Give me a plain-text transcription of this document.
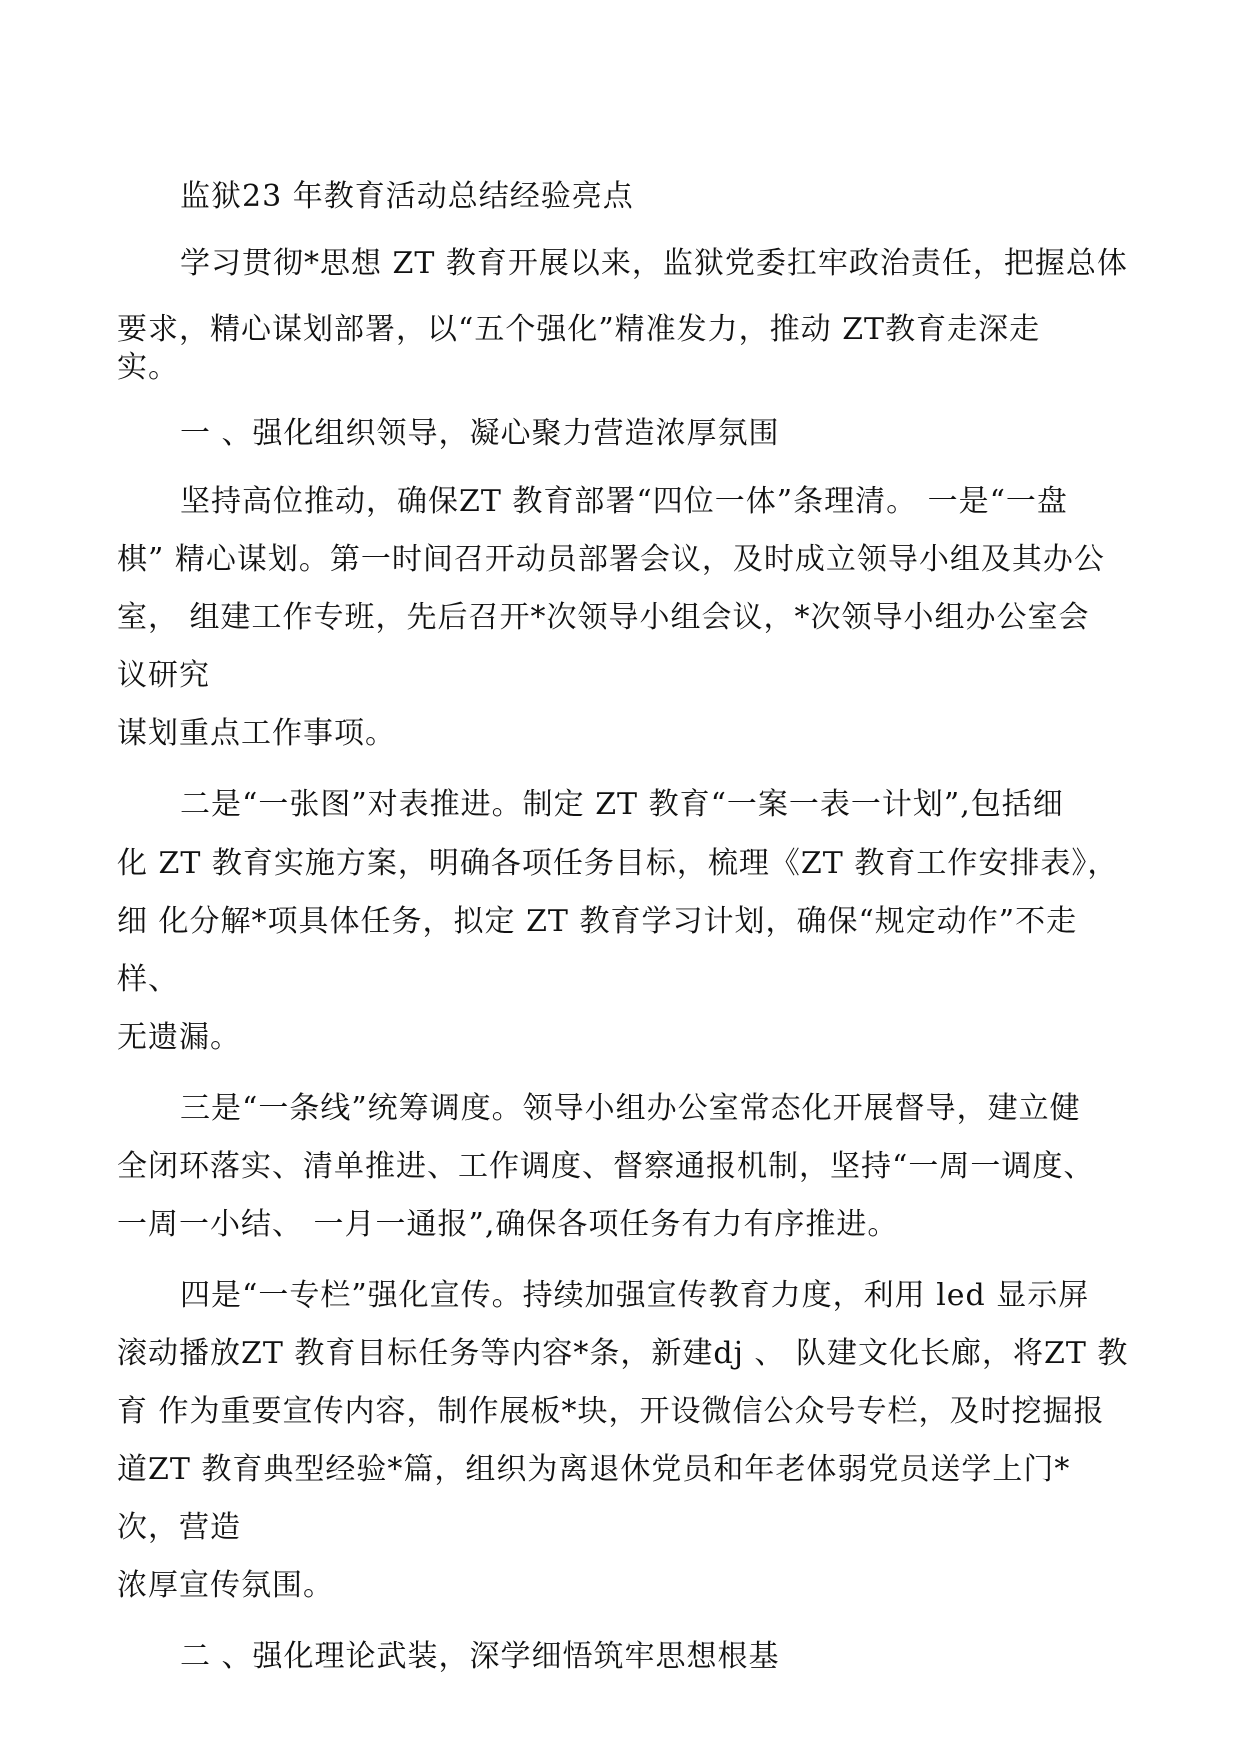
监狱23 年教育活动总结经验亮点
学习贯彻*思想 ZT 教育开展以来，监狱党委扛牢政治责任，把握总体
要求，精心谋划部署，以“五个强化”精准发力，推动 ZT教育走深走
实。
一 、强化组织领导，凝心聚力营造浓厚氛围
坚持高位推动，确保ZT 教育部署“四位一体”条理清。 一是“一盘
棋” 精心谋划。第一时间召开动员部署会议，及时成立领导小组及其办公
室， 组建工作专班，先后召开*次领导小组会议，*次领导小组办公室会
议研究
谋划重点工作事项。
二是“一张图”对表推进。制定 ZT 教育“一案一表一计划”,包括细
化 ZT 教育实施方案，明确各项任务目标，梳理《ZT 教育工作安排表》，
细 化分解*项具体任务，拟定 ZT 教育学习计划，确保“规定动作”不走
样、
无遗漏。
三是“一条线”统筹调度。领导小组办公室常态化开展督导，建立健
全闭环落实、清单推进、工作调度、督察通报机制，坚持“一周一调度、
一周一小结、 一月一通报”,确保各项任务有力有序推进。
四是“一专栏”强化宣传。持续加强宣传教育力度，利用 led 显示屏
滚动播放ZT 教育目标任务等内容*条，新建dj 、 队建文化长廊，将ZT 教
育 作为重要宣传内容，制作展板*块，开设微信公众号专栏，及时挖掘报
道ZT 教育典型经验*篇，组织为离退休党员和年老体弱党员送学上门*
次，营造
浓厚宣传氛围。
二 、强化理论武装，深学细悟筑牢思想根基
